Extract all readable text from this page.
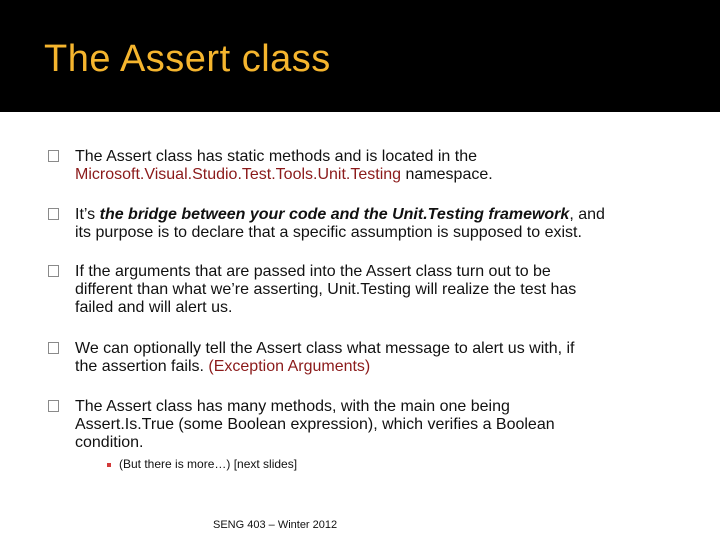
The Assert class
The Assert class has static methods and is located in the
Microsoft.Visual.Studio.Test.Tools.Unit.Testing namespace.
It’s the bridge between your code and the Unit.Testing framework, and
its purpose is to declare that a specific assumption is supposed to exist.
If the arguments that are passed into the Assert class turn out to be
different than what we’re asserting, Unit.Testing will realize the test has
failed and will alert us.
We can optionally tell the Assert class what message to alert us with, if
the assertion fails. (Exception Arguments)
The Assert class has many methods, with the main one being
Assert.Is.True (some Boolean expression), which verifies a Boolean
condition.
(But there is more…) [next slides]
SENG 403 – Winter 2012
